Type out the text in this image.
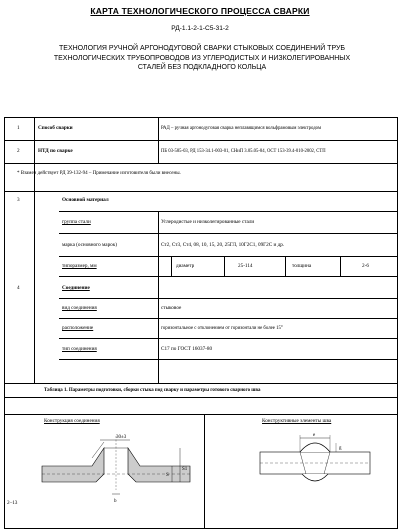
КАРТА ТЕХНОЛОГИЧЕСКОГО ПРОЦЕССА СВАРКИ
РД-1.1-2-1-С5-31-2
ТЕХНОЛОГИЯ РУЧНОЙ АРГОНОДУГОВОЙ СВАРКИ СТЫКОВЫХ СОЕДИНЕНИЙ ТРУБ
ТЕХНОЛОГИЧЕСКИХ ТРУБОПРОВОДОВ ИЗ УГЛЕРОДИСТЫХ И НИЗКОЛЕГИРОВАННЫХ
СТАЛЕЙ БЕЗ ПОДКЛАДНОГО КОЛЬЦА
1	Способ сварки	РАД – ручная аргонодуговая сварка неплавящимся вольфрамовым электродом
2	НТД по сварке	ПБ 03-585-03, РД 153-34.1-003-01, СНиП 3.05.05-84, ОСТ 153-39.4-010-2002, СТП
* Взамен действует РД 39-132-94 – Примечание изготовителя были внесены.
3	Основной материал
группа стали	Углеродистые и низколегированные стали
марка (основного марок)	Ст2, Ст3, Ст4, 08, 10, 15, 20, 25ГЛ, 10Г2С1, 09Г2С и др.
типоразмер, мм	диаметр	25-114	толщина	2-6
4	Соединение
вид соединения	стыковое
расположение	горизонтальное с отклонением от горизонтали не более 15°
тип соединения	С17 по ГОСТ 16037-80
Таблица 1. Параметры подготовки, сборки стыка под сварку и параметры готового сварного шва
Конструкция соединения	Конструктивные элементы шва
30±3
S
S1
b
e
g
2–13
